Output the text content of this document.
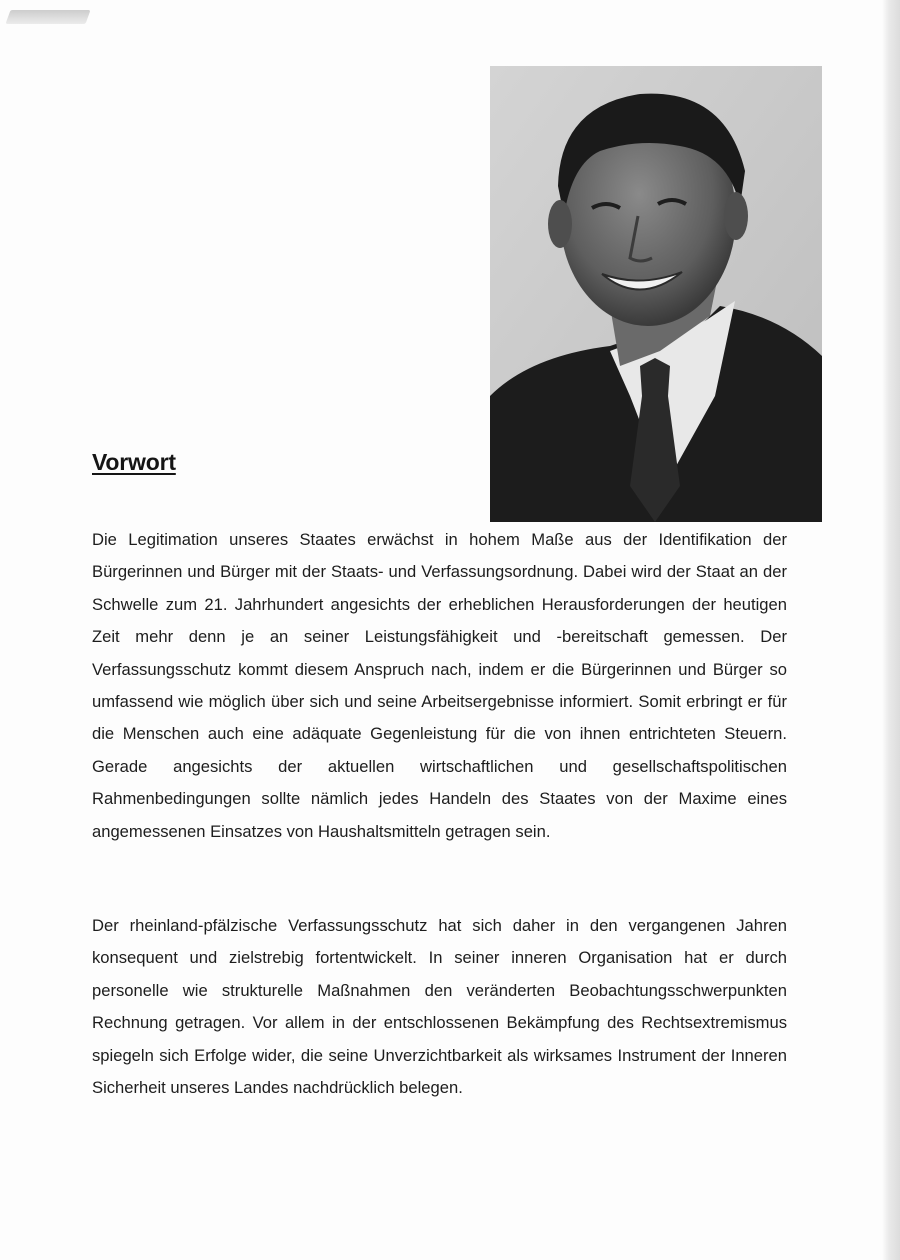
Vorwort

Die Legitimation unseres Staates erwächst in hohem Maße aus der Identifikation der Bürgerinnen und Bürger mit der Staats- und Verfassungsordnung. Dabei wird der Staat an der Schwelle zum 21. Jahrhundert angesichts der erheblichen Herausforderungen der heutigen Zeit mehr denn je an seiner Leistungsfähigkeit und -bereitschaft gemessen. Der Verfassungsschutz kommt diesem Anspruch nach, indem er die Bürgerinnen und Bürger so umfassend wie möglich über sich und seine Arbeitsergebnisse informiert. Somit erbringt er für die Menschen auch eine adäquate Gegenleistung für die von ihnen entrichteten Steuern. Gerade angesichts der aktuellen wirtschaftlichen und gesellschaftspolitischen Rahmenbedingungen sollte nämlich jedes Handeln des Staates von der Maxime eines angemessenen Einsatzes von Haushaltsmitteln getragen sein.

Der rheinland-pfälzische Verfassungsschutz hat sich daher in den vergangenen Jahren konsequent und zielstrebig fortentwickelt. In seiner inneren Organisation hat er durch personelle wie strukturelle Maßnahmen den veränderten Beobachtungsschwerpunkten Rechnung getragen. Vor allem in der entschlossenen Bekämpfung des Rechtsextremismus spiegeln sich Erfolge wider, die seine Unverzichtbarkeit als wirksames Instrument der Inneren Sicherheit unseres Landes nachdrücklich belegen.
